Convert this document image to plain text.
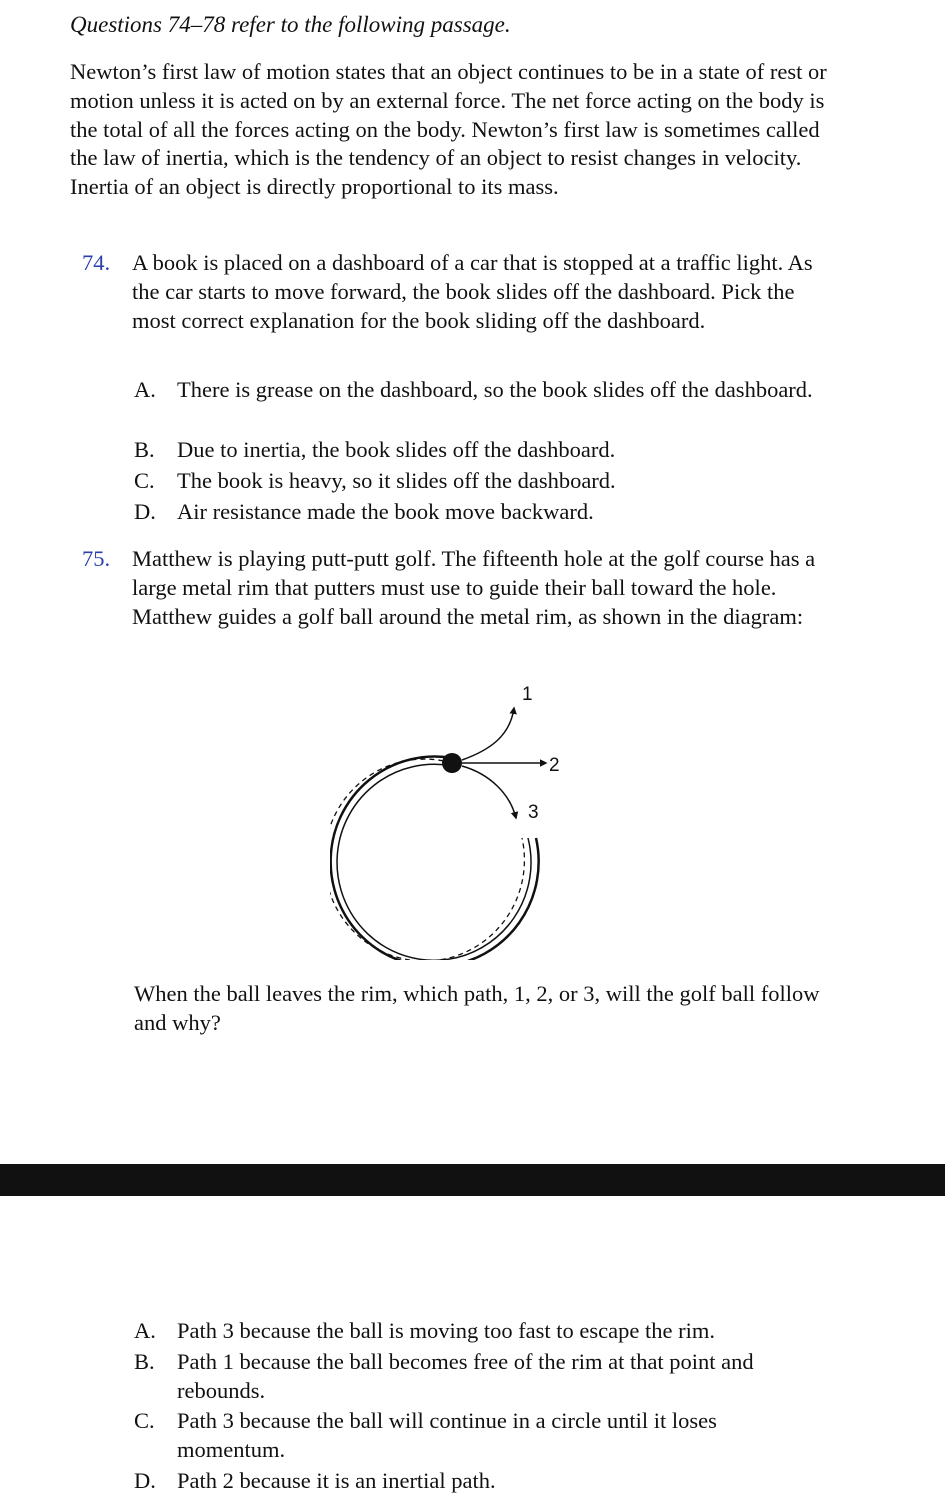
Questions 74–78 refer to the following passage.
Newton’s first law of motion states that an object continues to be in a state of rest or motion unless it is acted on by an external force. The net force acting on the body is the total of all the forces acting on the body. Newton’s first law is sometimes called the law of inertia, which is the tendency of an object to resist changes in velocity. Inertia of an object is directly proportional to its mass.
74. A book is placed on a dashboard of a car that is stopped at a traffic light. As the car starts to move forward, the book slides off the dashboard. Pick the most correct explanation for the book sliding off the dashboard.
A. There is grease on the dashboard, so the book slides off the dashboard.
B. Due to inertia, the book slides off the dashboard.
C. The book is heavy, so it slides off the dashboard.
D. Air resistance made the book move backward.
75. Matthew is playing putt-putt golf. The fifteenth hole at the golf course has a large metal rim that putters must use to guide their ball toward the hole. Matthew guides a golf ball around the metal rim, as shown in the diagram:
1
2
3
When the ball leaves the rim, which path, 1, 2, or 3, will the golf ball follow and why?
A. Path 3 because the ball is moving too fast to escape the rim.
B. Path 1 because the ball becomes free of the rim at that point and rebounds.
C. Path 3 because the ball will continue in a circle until it loses momentum.
D. Path 2 because it is an inertial path.
